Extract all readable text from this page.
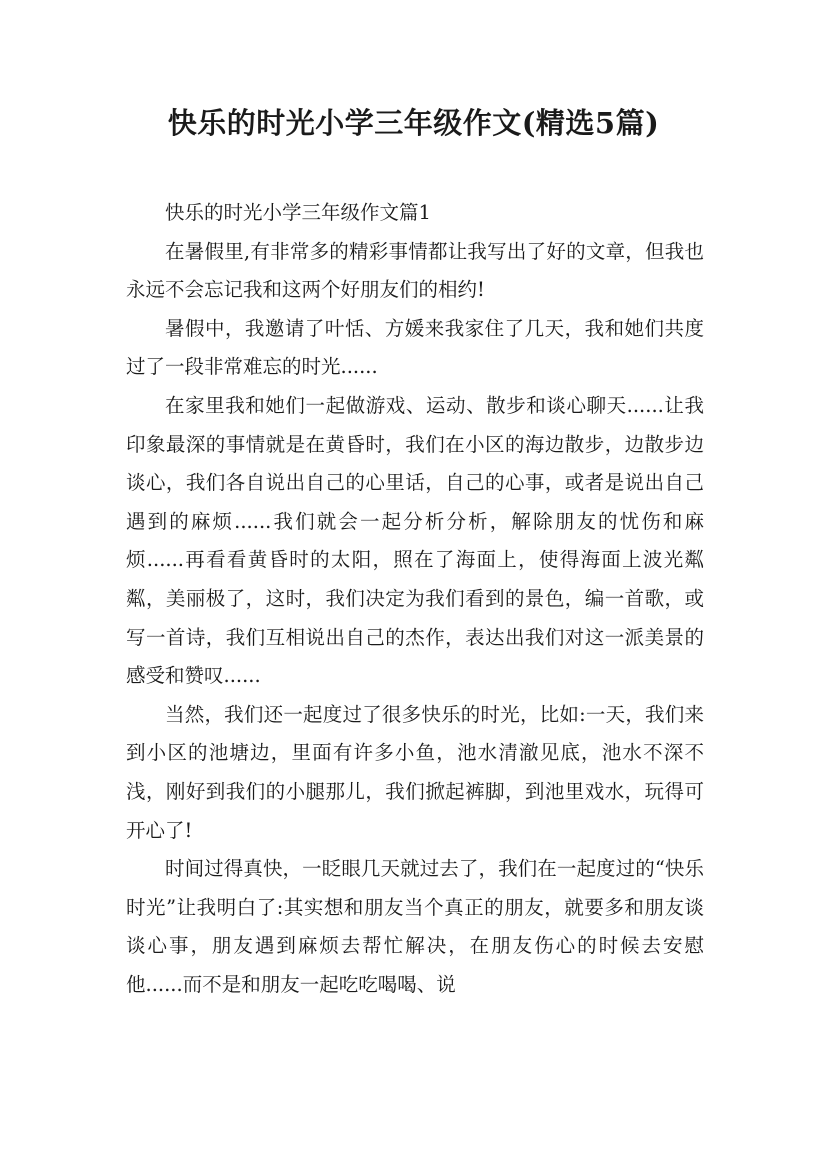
快乐的时光小学三年级作文(精选5篇)

快乐的时光小学三年级作文篇1

在暑假里,有非常多的精彩事情都让我写出了好的文章，但我也永远不会忘记我和这两个好朋友们的相约!

暑假中，我邀请了叶恬、方媛来我家住了几天，我和她们共度过了一段非常难忘的时光......

在家里我和她们一起做游戏、运动、散步和谈心聊天......让我印象最深的事情就是在黄昏时，我们在小区的海边散步，边散步边谈心，我们各自说出自己的心里话，自己的心事，或者是说出自己遇到的麻烦......我们就会一起分析分析，解除朋友的忧伤和麻烦......再看看黄昏时的太阳，照在了海面上，使得海面上波光粼粼，美丽极了，这时，我们决定为我们看到的景色，编一首歌，或写一首诗，我们互相说出自己的杰作，表达出我们对这一派美景的感受和赞叹......

当然，我们还一起度过了很多快乐的时光，比如:一天，我们来到小区的池塘边，里面有许多小鱼，池水清澈见底，池水不深不浅，刚好到我们的小腿那儿，我们掀起裤脚，到池里戏水，玩得可开心了!

时间过得真快，一眨眼几天就过去了，我们在一起度过的“快乐时光”让我明白了:其实想和朋友当个真正的朋友，就要多和朋友谈谈心事，朋友遇到麻烦去帮忙解决，在朋友伤心的时候去安慰他......而不是和朋友一起吃吃喝喝、说
